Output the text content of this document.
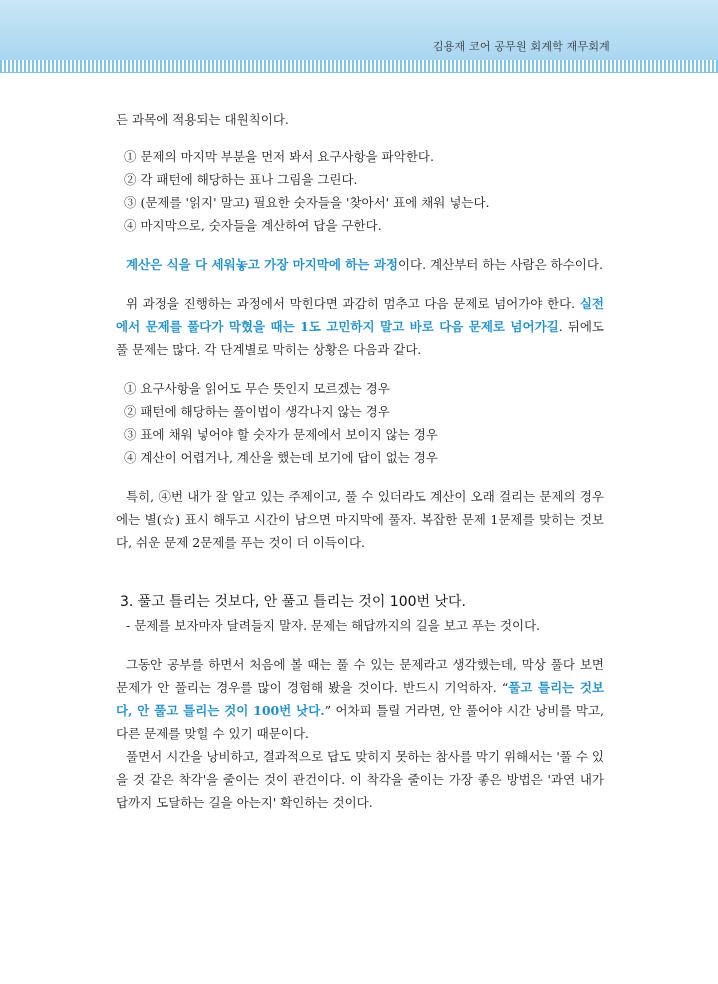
김용재 코어 공무원 회계학 재무회계

든 과목에 적용되는 대원칙이다.

① 문제의 마지막 부분을 먼저 봐서 요구사항을 파악한다.
② 각 패턴에 해당하는 표나 그림을 그린다.
③ (문제를 '읽지' 말고) 필요한 숫자들을 '찾아서' 표에 채워 넣는다.
④ 마지막으로, 숫자들을 계산하여 답을 구한다.

계산은 식을 다 세워놓고 가장 마지막에 하는 과정이다. 계산부터 하는 사람은 하수이다.

위 과정을 진행하는 과정에서 막힌다면 과감히 멈추고 다음 문제로 넘어가야 한다. 실전에서 문제를 풀다가 막혔을 때는 1도 고민하지 말고 바로 다음 문제로 넘어가길. 뒤에도 풀 문제는 많다. 각 단계별로 막히는 상황은 다음과 같다.

① 요구사항을 읽어도 무슨 뜻인지 모르겠는 경우
② 패턴에 해당하는 풀이법이 생각나지 않는 경우
③ 표에 채워 넣어야 할 숫자가 문제에서 보이지 않는 경우
④ 계산이 어렵거나, 계산을 했는데 보기에 답이 없는 경우

특히, ④번 내가 잘 알고 있는 주제이고, 풀 수 있더라도 계산이 오래 걸리는 문제의 경우에는 별(☆) 표시 해두고 시간이 남으면 마지막에 풀자. 복잡한 문제 1문제를 맞히는 것보다, 쉬운 문제 2문제를 푸는 것이 더 이득이다.

3. 풀고 틀리는 것보다, 안 풀고 틀리는 것이 100번 낫다.

- 문제를 보자마자 달려들지 말자. 문제는 해답까지의 길을 보고 푸는 것이다.

그동안 공부를 하면서 처음에 볼 때는 풀 수 있는 문제라고 생각했는데, 막상 풀다 보면 문제가 안 풀리는 경우를 많이 경험해 봤을 것이다. 반드시 기억하자. “풀고 틀리는 것보다, 안 풀고 틀리는 것이 100번 낫다.” 어차피 틀릴 거라면, 안 풀어야 시간 낭비를 막고, 다른 문제를 맞힐 수 있기 때문이다.

풀면서 시간을 낭비하고, 결과적으로 답도 맞히지 못하는 참사를 막기 위해서는 '풀 수 있을 것 같은 착각'을 줄이는 것이 관건이다. 이 착각을 줄이는 가장 좋은 방법은 '과연 내가 답까지 도달하는 길을 아는지' 확인하는 것이다.
